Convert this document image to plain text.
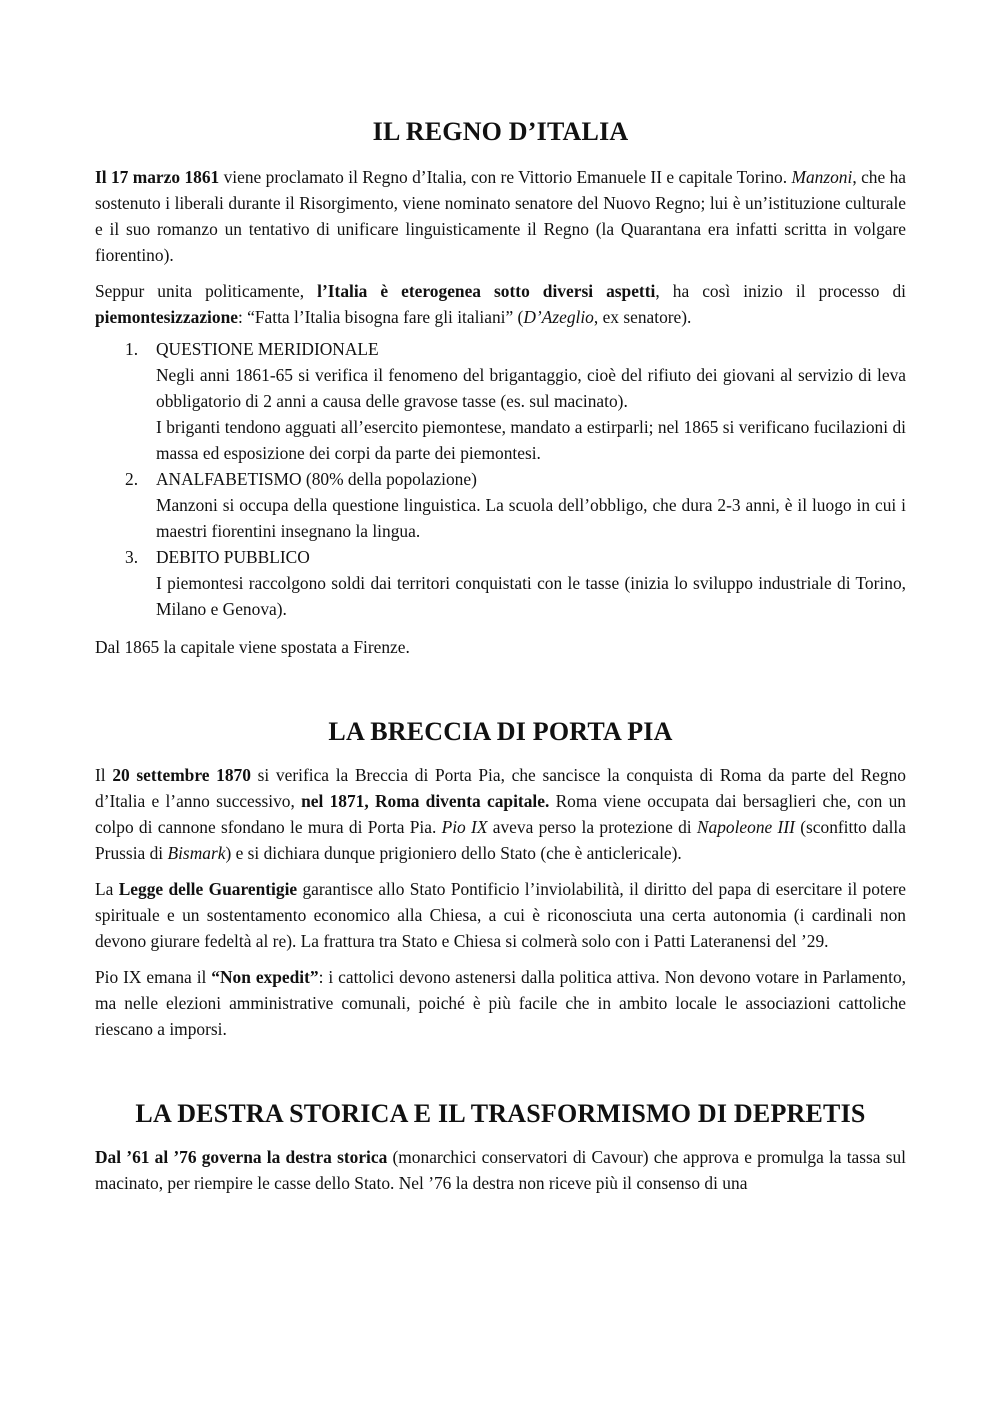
IL REGNO D’ITALIA

Il 17 marzo 1861 viene proclamato il Regno d’Italia, con re Vittorio Emanuele II e capitale Torino. Manzoni, che ha sostenuto i liberali durante il Risorgimento, viene nominato senatore del Nuovo Regno; lui è un’istituzione culturale e il suo romanzo un tentativo di unificare linguisticamente il Regno (la Quarantana era infatti scritta in volgare fiorentino).

Seppur unita politicamente, l’Italia è eterogenea sotto diversi aspetti, ha così inizio il processo di piemontesizzazione: “Fatta l’Italia bisogna fare gli italiani” (D’Azeglio, ex senatore).

1. QUESTIONE MERIDIONALE
Negli anni 1861-65 si verifica il fenomeno del brigantaggio, cioè del rifiuto dei giovani al servizio di leva obbligatorio di 2 anni a causa delle gravose tasse (es. sul macinato).
I briganti tendono agguati all’esercito piemontese, mandato a estirparli; nel 1865 si verificano fucilazioni di massa ed esposizione dei corpi da parte dei piemontesi.
2. ANALFABETISMO (80% della popolazione)
Manzoni si occupa della questione linguistica. La scuola dell’obbligo, che dura 2-3 anni, è il luogo in cui i maestri fiorentini insegnano la lingua.
3. DEBITO PUBBLICO
I piemontesi raccolgono soldi dai territori conquistati con le tasse (inizia lo sviluppo industriale di Torino, Milano e Genova).

Dal 1865 la capitale viene spostata a Firenze.

LA BRECCIA DI PORTA PIA

Il 20 settembre 1870 si verifica la Breccia di Porta Pia, che sancisce la conquista di Roma da parte del Regno d’Italia e l’anno successivo, nel 1871, Roma diventa capitale. Roma viene occupata dai bersaglieri che, con un colpo di cannone sfondano le mura di Porta Pia. Pio IX aveva perso la protezione di Napoleone III (sconfitto dalla Prussia di Bismark) e si dichiara dunque prigioniero dello Stato (che è anticlericale).

La Legge delle Guarentigie garantisce allo Stato Pontificio l’inviolabilità, il diritto del papa di esercitare il potere spirituale e un sostentamento economico alla Chiesa, a cui è riconosciuta una certa autonomia (i cardinali non devono giurare fedeltà al re). La frattura tra Stato e Chiesa si colmerà solo con i Patti Lateranensi del ’29.

Pio IX emana il “Non expedit”: i cattolici devono astenersi dalla politica attiva. Non devono votare in Parlamento, ma nelle elezioni amministrative comunali, poiché è più facile che in ambito locale le associazioni cattoliche riescano a imporsi.

LA DESTRA STORICA E IL TRASFORMISMO DI DEPRETIS

Dal ’61 al ’76 governa la destra storica (monarchici conservatori di Cavour) che approva e promulga la tassa sul macinato, per riempire le casse dello Stato. Nel ’76 la destra non riceve più il consenso di una
